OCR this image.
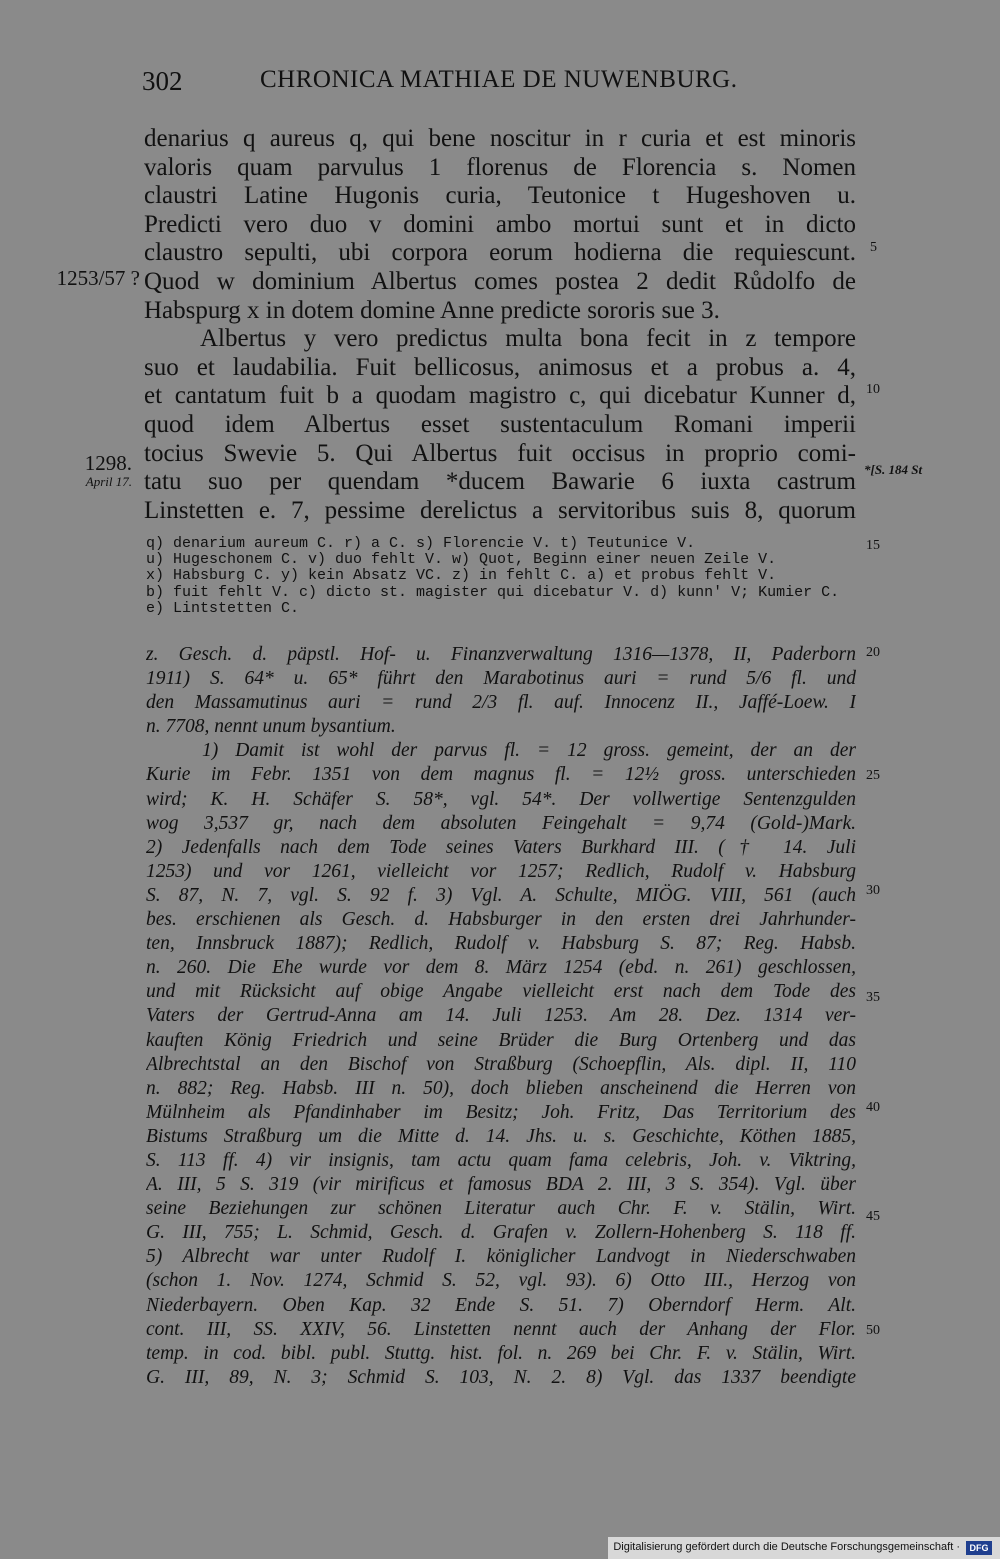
302	CHRONICA MATHIAE DE NUWENBURG.
denarius q aureus q, qui bene noscitur in r curia et est minoris
valoris quam parvulus 1 florenus de Florencia s. Nomen
claustri Latine Hugonis curia, Teutonice t Hugeshoven u.
Predicti vero duo v domini ambo mortui sunt et in dicto
claustro sepulti, ubi corpora eorum hodierna die requiescunt.
Quod w dominium Albertus comes postea 2 dedit Růdolfo de
Habspurg x in dotem domine Anne predicte sororis sue 3.
Albertus y vero predictus multa bona fecit in z tempore
suo et laudabilia. Fuit bellicosus, animosus et a probus a. 4,
et cantatum fuit b a quodam magistro c, qui dicebatur Kunner d,
quod idem Albertus esset sustentaculum Romani imperii
tocius Swevie 5. Qui Albertus fuit occisus in proprio comi-
tatu suo per quendam *ducem Bawarie 6 iuxta castrum
Linstetten e. 7, pessime derelictus a servitoribus suis 8, quorum
1253/57 ?
1298.
April 17.
5
10
*[S. 184 St
q) denarium aureum C. r) a C. s) Florencie V. t) Teutunice V.
u) Hugeschonem C. v) duo fehlt V. w) Quot, Beginn einer neuen Zeile V.
x) Habsburg C. y) kein Absatz VC. z) in fehlt C. a) et probus fehlt V.
b) fuit fehlt V. c) dicto st. magister qui dicebatur V. d) kunn' V; Kumier C.
e) Lintstetten C.
15
z. Gesch. d. päpstl. Hof- u. Finanzverwaltung 1316—1378, II, Paderborn
1911) S. 64* u. 65* führt den Marabotinus auri = rund 5/6 fl. und
den Massamutinus auri = rund 2/3 fl. auf. Innocenz II., Jaffé-Loew. I
n. 7708, nennt unum bysantium.
1) Damit ist wohl der parvus fl. = 12 gross. gemeint, der an der
Kurie im Febr. 1351 von dem magnus fl. = 12½ gross. unterschieden
wird; K. H. Schäfer S. 58*, vgl. 54*. Der vollwertige Sentenzgulden
wog 3,537 gr, nach dem absoluten Feingehalt = 9,74 (Gold-)Mark.
2) Jedenfalls nach dem Tode seines Vaters Burkhard III. († 14. Juli
1253) und vor 1261, vielleicht vor 1257; Redlich, Rudolf v. Habsburg
S. 87, N. 7, vgl. S. 92 f. 3) Vgl. A. Schulte, MIÖG. VIII, 561 (auch
bes. erschienen als Gesch. d. Habsburger in den ersten drei Jahrhunder-
ten, Innsbruck 1887); Redlich, Rudolf v. Habsburg S. 87; Reg. Habsb.
n. 260. Die Ehe wurde vor dem 8. März 1254 (ebd. n. 261) geschlossen,
und mit Rücksicht auf obige Angabe vielleicht erst nach dem Tode des
Vaters der Gertrud-Anna am 14. Juli 1253. Am 28. Dez. 1314 ver-
kauften König Friedrich und seine Brüder die Burg Ortenberg und das
Albrechtstal an den Bischof von Straßburg (Schoepflin, Als. dipl. II, 110
n. 882; Reg. Habsb. III n. 50), doch blieben anscheinend die Herren von
Mülnheim als Pfandinhaber im Besitz; Joh. Fritz, Das Territorium des
Bistums Straßburg um die Mitte d. 14. Jhs. u. s. Geschichte, Köthen 1885,
S. 113 ff. 4) vir insignis, tam actu quam fama celebris, Joh. v. Viktring,
A. III, 5 S. 319 (vir mirificus et famosus BDA 2. III, 3 S. 354). Vgl. über
seine Beziehungen zur schönen Literatur auch Chr. F. v. Stälin, Wirt.
G. III, 755; L. Schmid, Gesch. d. Grafen v. Zollern-Hohenberg S. 118 ff.
5) Albrecht war unter Rudolf I. königlicher Landvogt in Niederschwaben
(schon 1. Nov. 1274, Schmid S. 52, vgl. 93). 6) Otto III., Herzog von
Niederbayern. Oben Kap. 32 Ende S. 51. 7) Oberndorf Herm. Alt.
cont. III, SS. XXIV, 56. Linstetten nennt auch der Anhang der Flor.
temp. in cod. bibl. publ. Stuttg. hist. fol. n. 269 bei Chr. F. v. Stälin, Wirt.
G. III, 89, N. 3; Schmid S. 103, N. 2. 8) Vgl. das 1337 beendigte
20
25
30
35
40
45
50
Digitalisierung gefördert durch die Deutsche Forschungsgemeinschaft ·	DFG
